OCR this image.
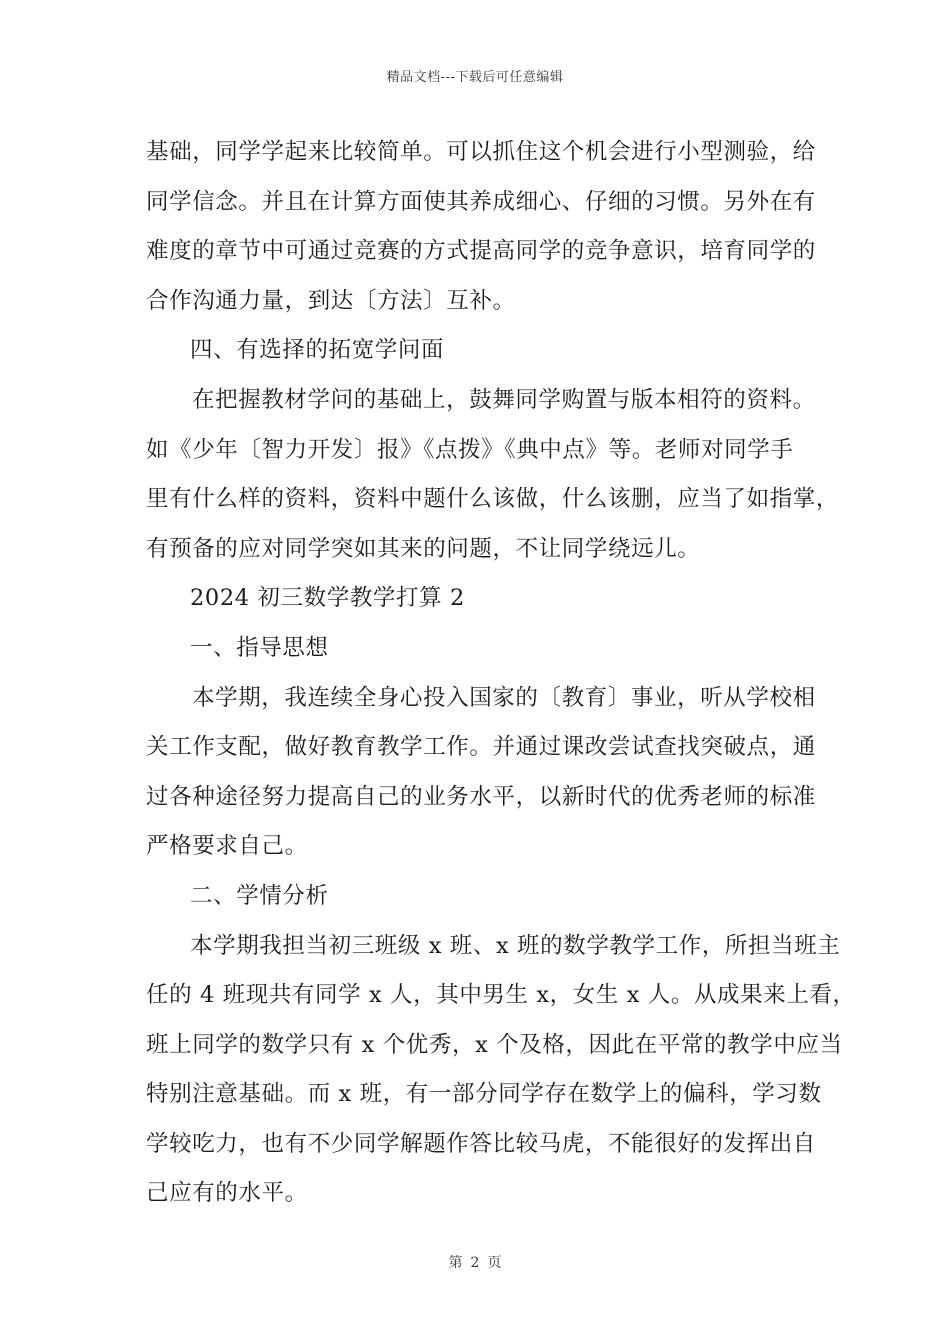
精品文档---下载后可任意编辑
基础，同学学起来比较简单。可以抓住这个机会进行小型测验，给
同学信念。并且在计算方面使其养成细心、仔细的习惯。另外在有
难度的章节中可通过竞赛的方式提高同学的竞争意识，培育同学的
合作沟通力量，到达〔方法〕互补。
四、有选择的拓宽学问面
在把握教材学问的基础上，鼓舞同学购置与版本相符的资料。
如《少年〔智力开发〕报》《点拨》《典中点》等。老师对同学手
里有什么样的资料，资料中题什么该做，什么该删，应当了如指掌，
有预备的应对同学突如其来的问题，不让同学绕远儿。
2024 初三数学教学打算 2
一、指导思想
本学期，我连续全身心投入国家的〔教育〕事业，听从学校相
关工作支配，做好教育教学工作。并通过课改尝试查找突破点，通
过各种途径努力提高自己的业务水平，以新时代的优秀老师的标准
严格要求自己。
二、学情分析
本学期我担当初三班级 x 班、x 班的数学教学工作，所担当班主
任的 4 班现共有同学 x 人，其中男生 x，女生 x 人。从成果来上看，
班上同学的数学只有 x 个优秀，x 个及格，因此在平常的教学中应当
特别注意基础。而 x 班，有一部分同学存在数学上的偏科，学习数
学较吃力，也有不少同学解题作答比较马虎，不能很好的发挥出自
己应有的水平。
第 2 页
